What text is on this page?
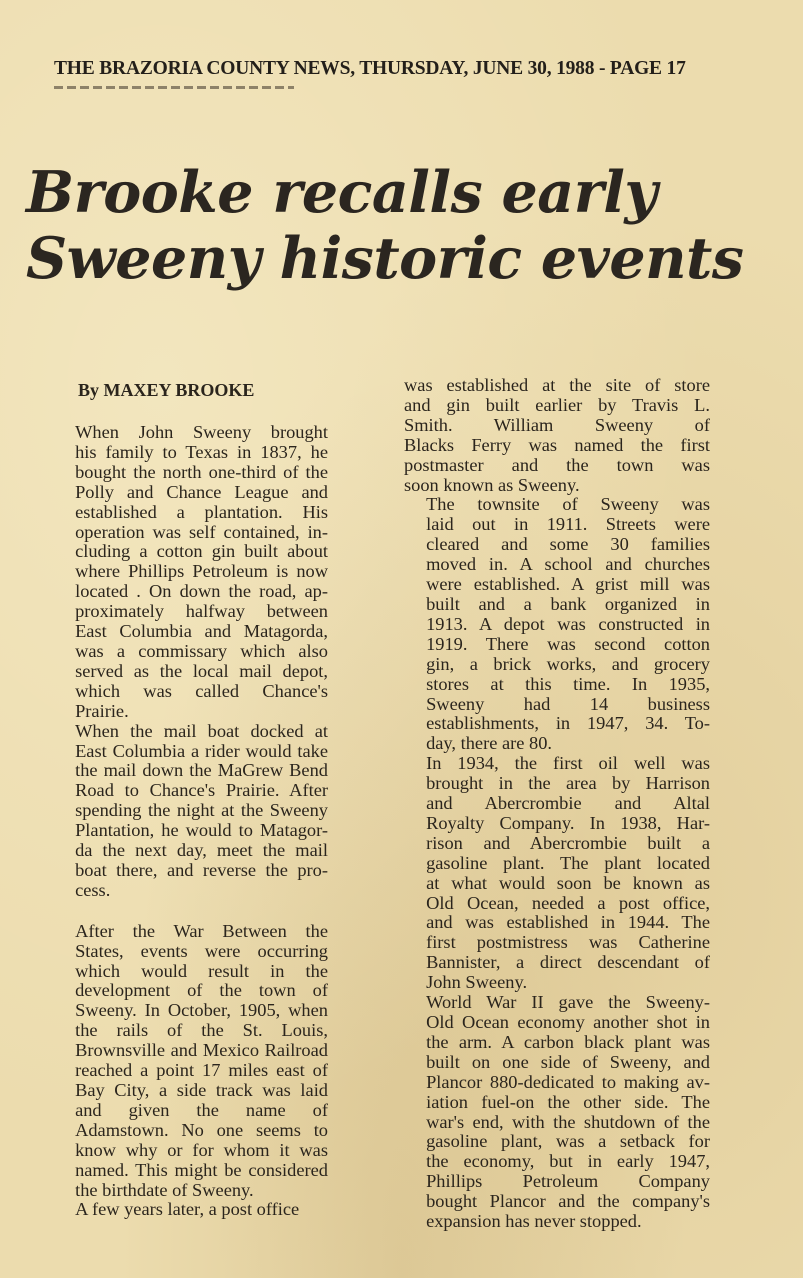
THE BRAZORIA COUNTY NEWS, THURSDAY, JUNE 30, 1988 - PAGE 17
Brooke recalls early
Sweeny historic events
By MAXEY BROOKE

When John Sweeny brought
his family to Texas in 1837, he
bought the north one-third of the
Polly and Chance League and
established a plantation. His
operation was self contained, in-
cluding a cotton gin built about
where Phillips Petroleum is now
located . On down the road, ap-
proximately halfway between
East Columbia and Matagorda,
was a commissary which also
served as the local mail depot,
which was called Chance's
Prairie.

When the mail boat docked at
East Columbia a rider would take
the mail down the MaGrew Bend
Road to Chance's Prairie. After
spending the night at the Sweeny
Plantation, he would to Matagor-
da the next day, meet the mail
boat there, and reverse the pro-
cess.

After the War Between the
States, events were occurring
which would result in the
development of the town of
Sweeny. In October, 1905, when
the rails of the St. Louis,
Brownsville and Mexico Railroad
reached a point 17 miles east of
Bay City, a side track was laid
and given the name of
Adamstown. No one seems to
know why or for whom it was
named. This might be considered
the birthdate of Sweeny.

A few years later, a post office

was established at the site of store
and gin built earlier by Travis L.
Smith. William Sweeny of
Blacks Ferry was named the first
postmaster and the town was
soon known as Sweeny.

The townsite of Sweeny was
laid out in 1911. Streets were
cleared and some 30 families
moved in. A school and churches
were established. A grist mill was
built and a bank organized in
1913. A depot was constructed in
1919. There was second cotton
gin, a brick works, and grocery
stores at this time. In 1935,
Sweeny had 14 business
establishments, in 1947, 34. To-
day, there are 80.

In 1934, the first oil well was
brought in the area by Harrison
and Abercrombie and Altal
Royalty Company. In 1938, Har-
rison and Abercrombie built a
gasoline plant. The plant located
at what would soon be known as
Old Ocean, needed a post office,
and was established in 1944. The
first postmistress was Catherine
Bannister, a direct descendant of
John Sweeny.

World War II gave the Sweeny-
Old Ocean economy another shot in
the arm. A carbon black plant was
built on one side of Sweeny, and
Plancor 880-dedicated to making av-
iation fuel-on the other side. The
war's end, with the shutdown of the
gasoline plant, was a setback for
the economy, but in early 1947,
Phillips Petroleum Company
bought Plancor and the company's
expansion has never stopped.
